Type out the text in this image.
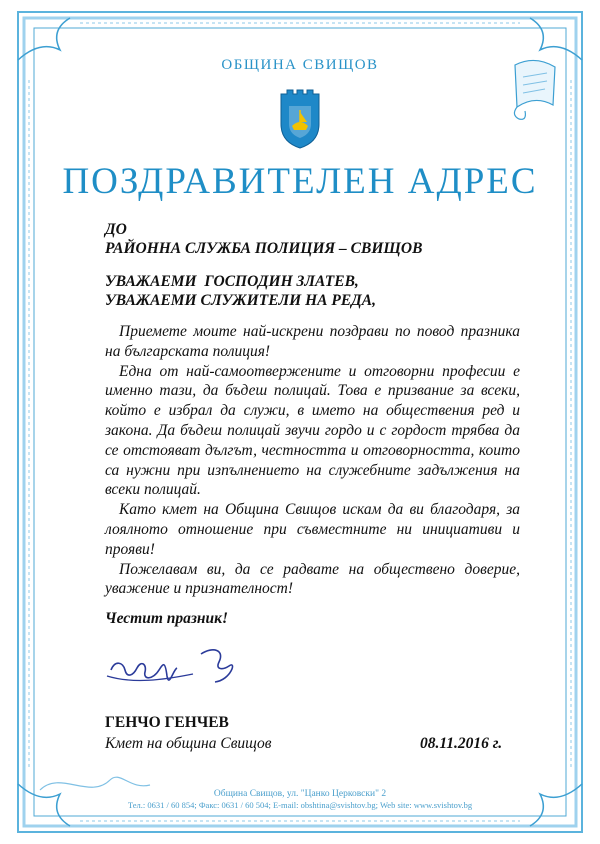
ОБЩИНА СВИЩОВ
ПОЗДРАВИТЕЛЕН АДРЕС
ДО
РАЙОННА СЛУЖБА ПОЛИЦИЯ – СВИЩОВ
УВАЖАЕМИ  ГОСПОДИН ЗЛАТЕВ,
УВАЖАЕМИ СЛУЖИТЕЛИ НА РЕДА,

Приемете моите най-искрени поздрави по повод празника на българската полиция!

Една от най-самоотвержените и отговорни професии е именно тази, да бъдеш полицай. Това е призвание за всеки, който е избрал да служи, в името на обществения ред и закона. Да бъдеш полицай звучи гордо и с гордост трябва да се отстояват дългът, честността и отговорността, които са нужни при изпълнението на служебните задължения на всеки полицай.

Като кмет на Община Свищов искам да ви благодаря, за лоялното отношение при съвместните ни инициативи и прояви!

Пожелавам ви, да се радвате на обществено доверие, уважение и признателност!

Честит празник!
ГЕНЧО ГЕНЧЕВ
Кмет на община Свищов	08.11.2016 г.
Община Свищов, ул. "Цанко Церковски" 2
Тел.: 0631 / 60 854; Факс: 0631 / 60 504; E-mail: obshtina@svishtov.bg; Web site: www.svishtov.bg
